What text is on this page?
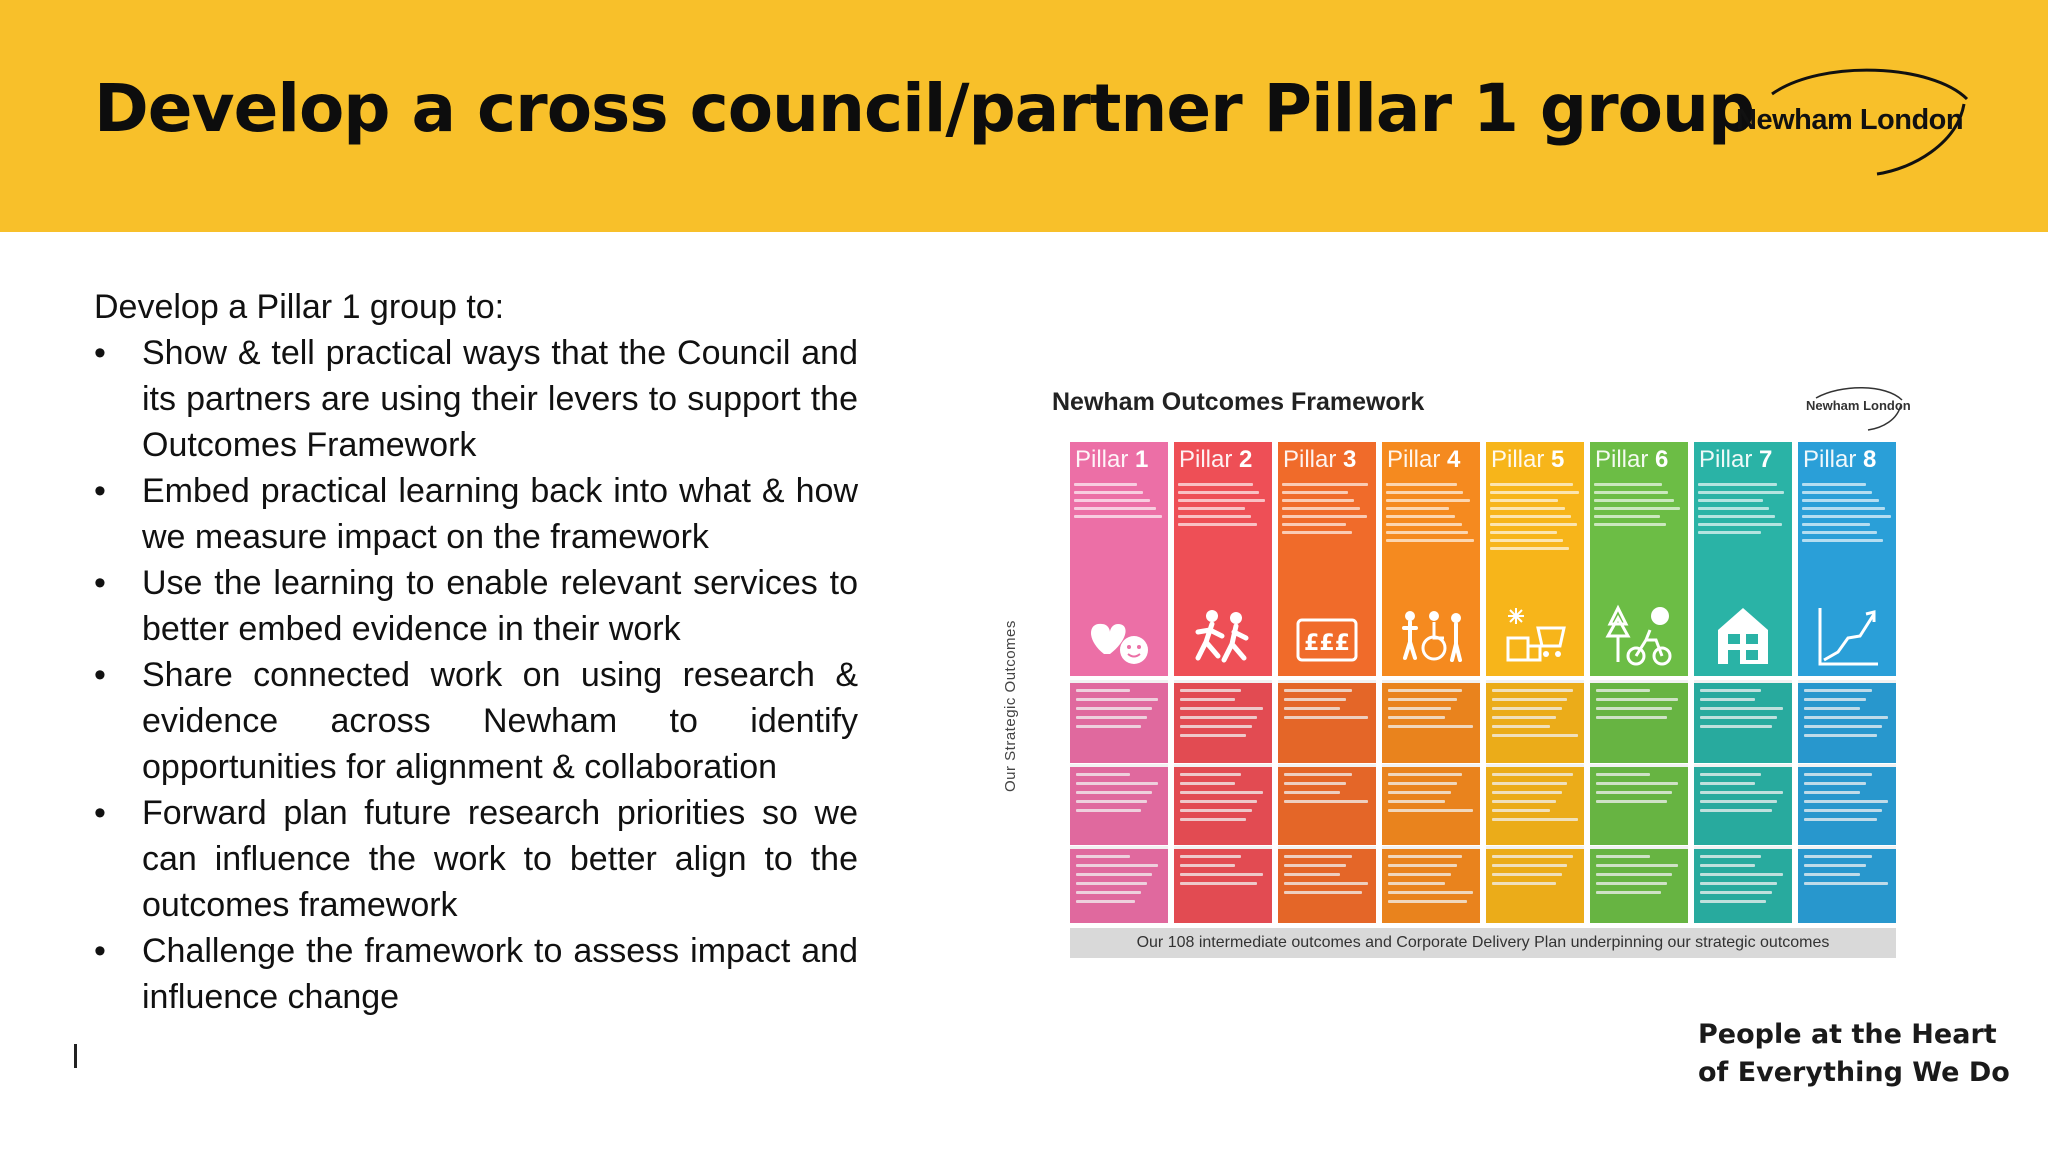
Develop a cross council/partner Pillar 1 group
Newham London

Develop a Pillar 1 group to:

• Show & tell practical ways that the Council and its partners are using their levers to support the Outcomes Framework
• Embed practical learning back into what & how we measure impact on the framework
• Use the learning to enable relevant services to better embed evidence in their work
• Share connected work on using research & evidence across Newham to identify opportunities for alignment & collaboration
• Forward plan future research priorities so we can influence the work to better align to the outcomes framework
• Challenge the framework to assess impact and influence change
Newham Outcomes Framework	Newham London
Our Strategic Outcomes
Pillar 1 Pillar 2 Pillar 3
£££
Pillar 4 Pillar 5 Pillar 6 Pillar 7 Pillar 8
Our 108 intermediate outcomes and Corporate Delivery Plan underpinning our strategic outcomes
People at the Heart
of Everything We Do
